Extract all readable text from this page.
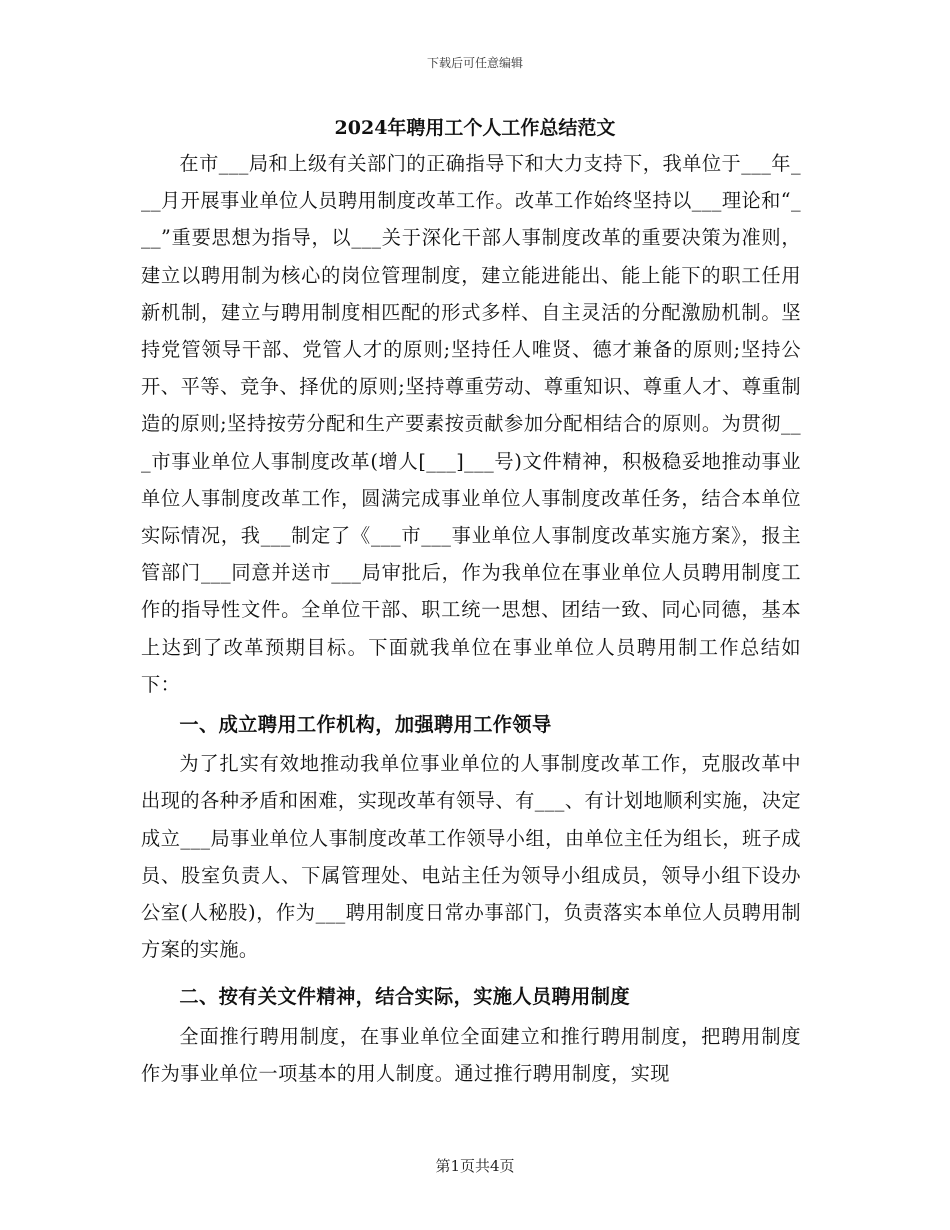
下载后可任意编辑
2024年聘用工个人工作总结范文

在市___局和上级有关部门的正确指导下和大力支持下，我单位于___年___月开展事业单位人员聘用制度改革工作。改革工作始终坚持以___理论和“___”重要思想为指导，以___关于深化干部人事制度改革的重要决策为准则，建立以聘用制为核心的岗位管理制度，建立能进能出、能上能下的职工任用新机制，建立与聘用制度相匹配的形式多样、自主灵活的分配激励机制。坚持党管领导干部、党管人才的原则;坚持任人唯贤、德才兼备的原则;坚持公开、平等、竞争、择优的原则;坚持尊重劳动、尊重知识、尊重人才、尊重制造的原则;坚持按劳分配和生产要素按贡献参加分配相结合的原则。为贯彻___市事业单位人事制度改革(增人[___]___号)文件精神，积极稳妥地推动事业单位人事制度改革工作，圆满完成事业单位人事制度改革任务，结合本单位实际情况，我___制定了《___市___事业单位人事制度改革实施方案》，报主管部门___同意并送市___局审批后，作为我单位在事业单位人员聘用制度工作的指导性文件。全单位干部、职工统一思想、团结一致、同心同德，基本上达到了改革预期目标。下面就我单位在事业单位人员聘用制工作总结如下：

一、成立聘用工作机构，加强聘用工作领导

为了扎实有效地推动我单位事业单位的人事制度改革工作，克服改革中出现的各种矛盾和困难，实现改革有领导、有___、有计划地顺利实施，决定成立___局事业单位人事制度改革工作领导小组，由单位主任为组长，班子成员、股室负责人、下属管理处、电站主任为领导小组成员，领导小组下设办公室(人秘股)，作为___聘用制度日常办事部门，负责落实本单位人员聘用制方案的实施。

二、按有关文件精神，结合实际，实施人员聘用制度

全面推行聘用制度，在事业单位全面建立和推行聘用制度，把聘用制度作为事业单位一项基本的用人制度。通过推行聘用制度，实现

第1页共4页
